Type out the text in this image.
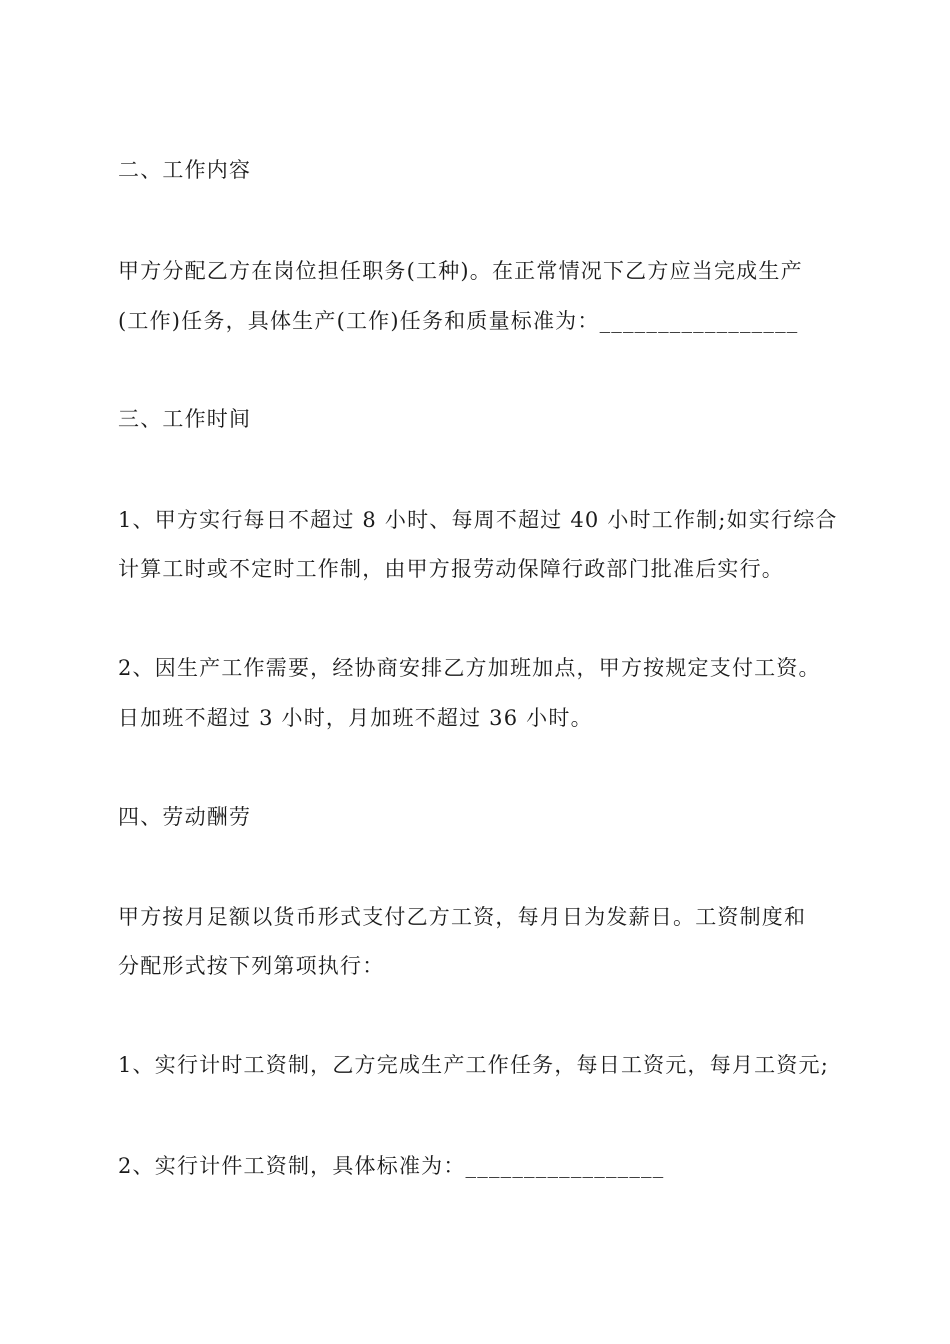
二、工作内容
甲方分配乙方在岗位担任职务(工种)。在正常情况下乙方应当完成生产
(工作)任务，具体生产(工作)任务和质量标准为：_________________
三、工作时间
1、甲方实行每日不超过 8 小时、每周不超过 40 小时工作制;如实行综合
计算工时或不定时工作制，由甲方报劳动保障行政部门批准后实行。
2、因生产工作需要，经协商安排乙方加班加点，甲方按规定支付工资。
日加班不超过 3 小时，月加班不超过 36 小时。
四、劳动酬劳
甲方按月足额以货币形式支付乙方工资，每月日为发薪日。工资制度和
分配形式按下列第项执行：
1、实行计时工资制，乙方完成生产工作任务，每日工资元，每月工资元;
2、实行计件工资制，具体标准为：_________________
